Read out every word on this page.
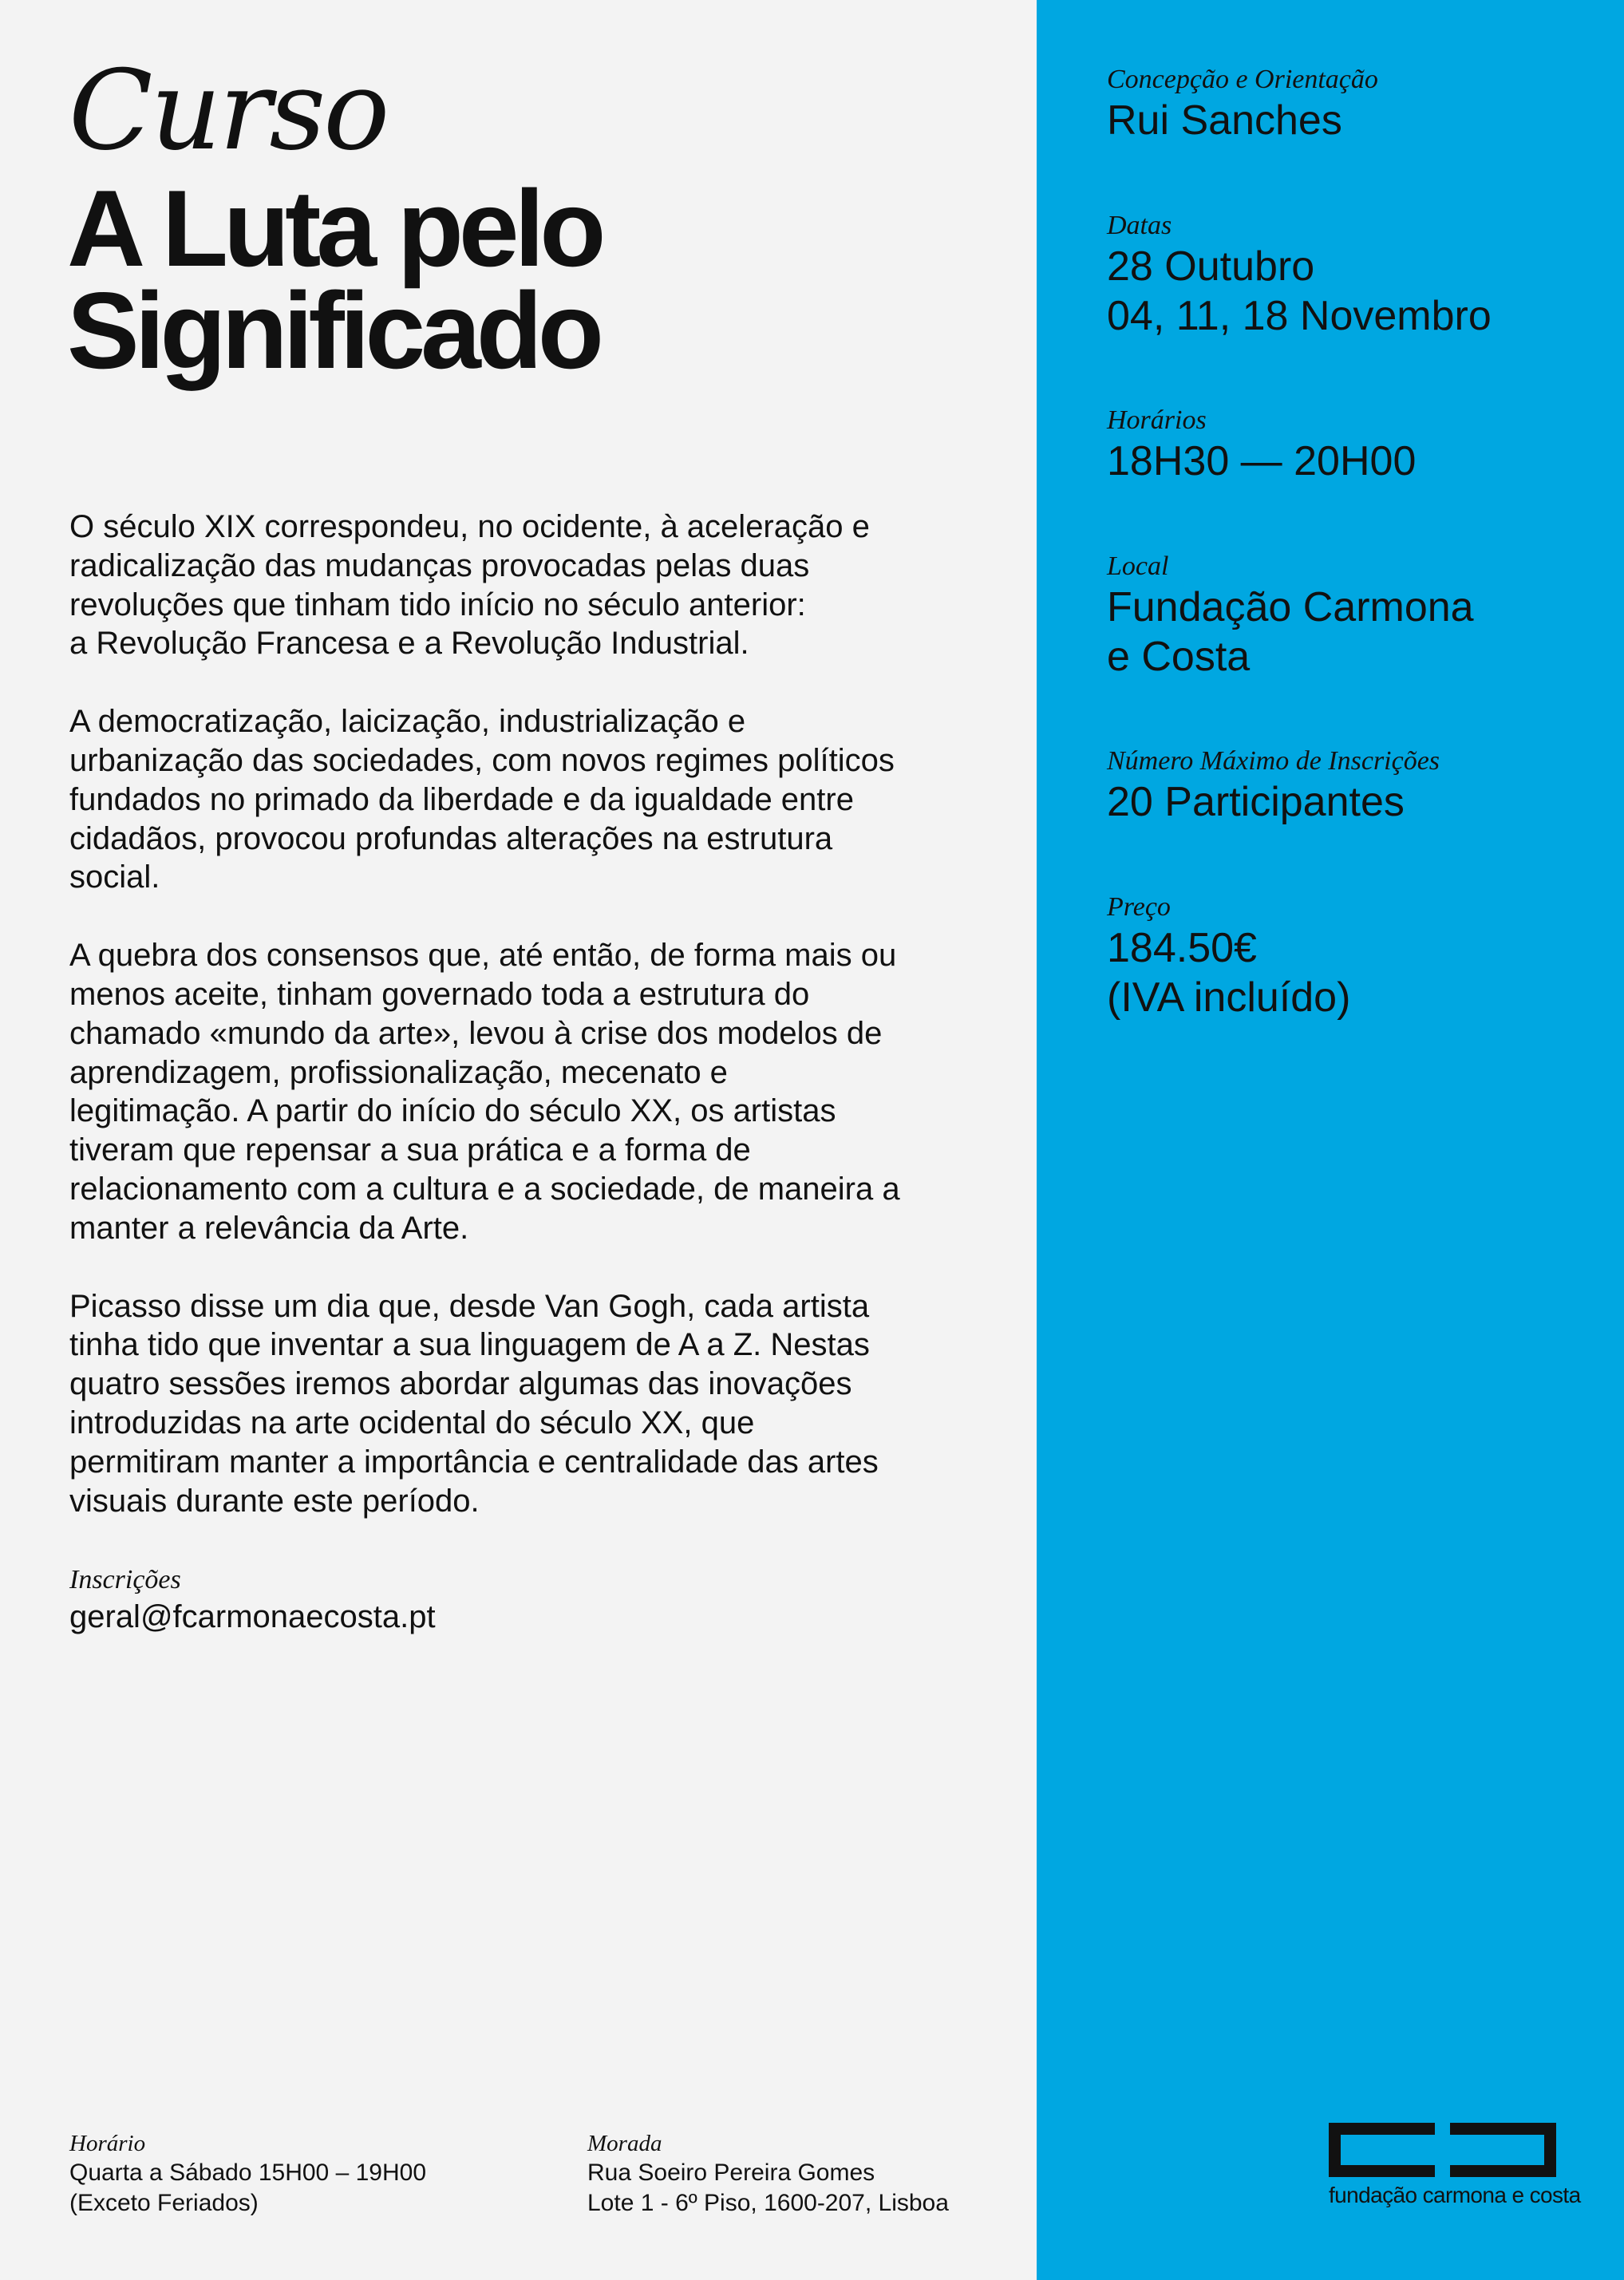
Curso
A Luta pelo
Significado

O século XIX correspondeu, no ocidente, à aceleração e
radicalização das mudanças provocadas pelas duas
revoluções que tinham tido início no século anterior:
a Revolução Francesa e a Revolução Industrial.

A democratização, laicização, industrialização e
urbanização das sociedades, com novos regimes políticos
fundados no primado da liberdade e da igualdade entre
cidadãos, provocou profundas alterações na estrutura
social.

A quebra dos consensos que, até então, de forma mais ou
menos aceite, tinham governado toda a estrutura do
chamado «mundo da arte», levou à crise dos modelos de
aprendizagem, profissionalização, mecenato e
legitimação. A partir do início do século XX, os artistas
tiveram que repensar a sua prática e a forma de
relacionamento com a cultura e a sociedade, de maneira a
manter a relevância da Arte.

Picasso disse um dia que, desde Van Gogh, cada artista
tinha tido que inventar a sua linguagem de A a Z. Nestas
quatro sessões iremos abordar algumas das inovações
introduzidas na arte ocidental do século XX, que
permitiram manter a importância e centralidade das artes
visuais durante este período.

Inscrições
geral@fcarmonaecosta.pt
Concepção e Orientação
Rui Sanches
Datas
28 Outubro
04, 11, 18 Novembro
Horários
18H30 — 20H00
Local
Fundação Carmona
e Costa
Número Máximo de Inscrições
20 Participantes
Preço
184.50€
(IVA incluído)
Horário
Quarta a Sábado 15H00 – 19H00
(Exceto Feriados)
Morada
Rua Soeiro Pereira Gomes
Lote 1 - 6º Piso, 1600-207, Lisboa	fundação carmona e costa
